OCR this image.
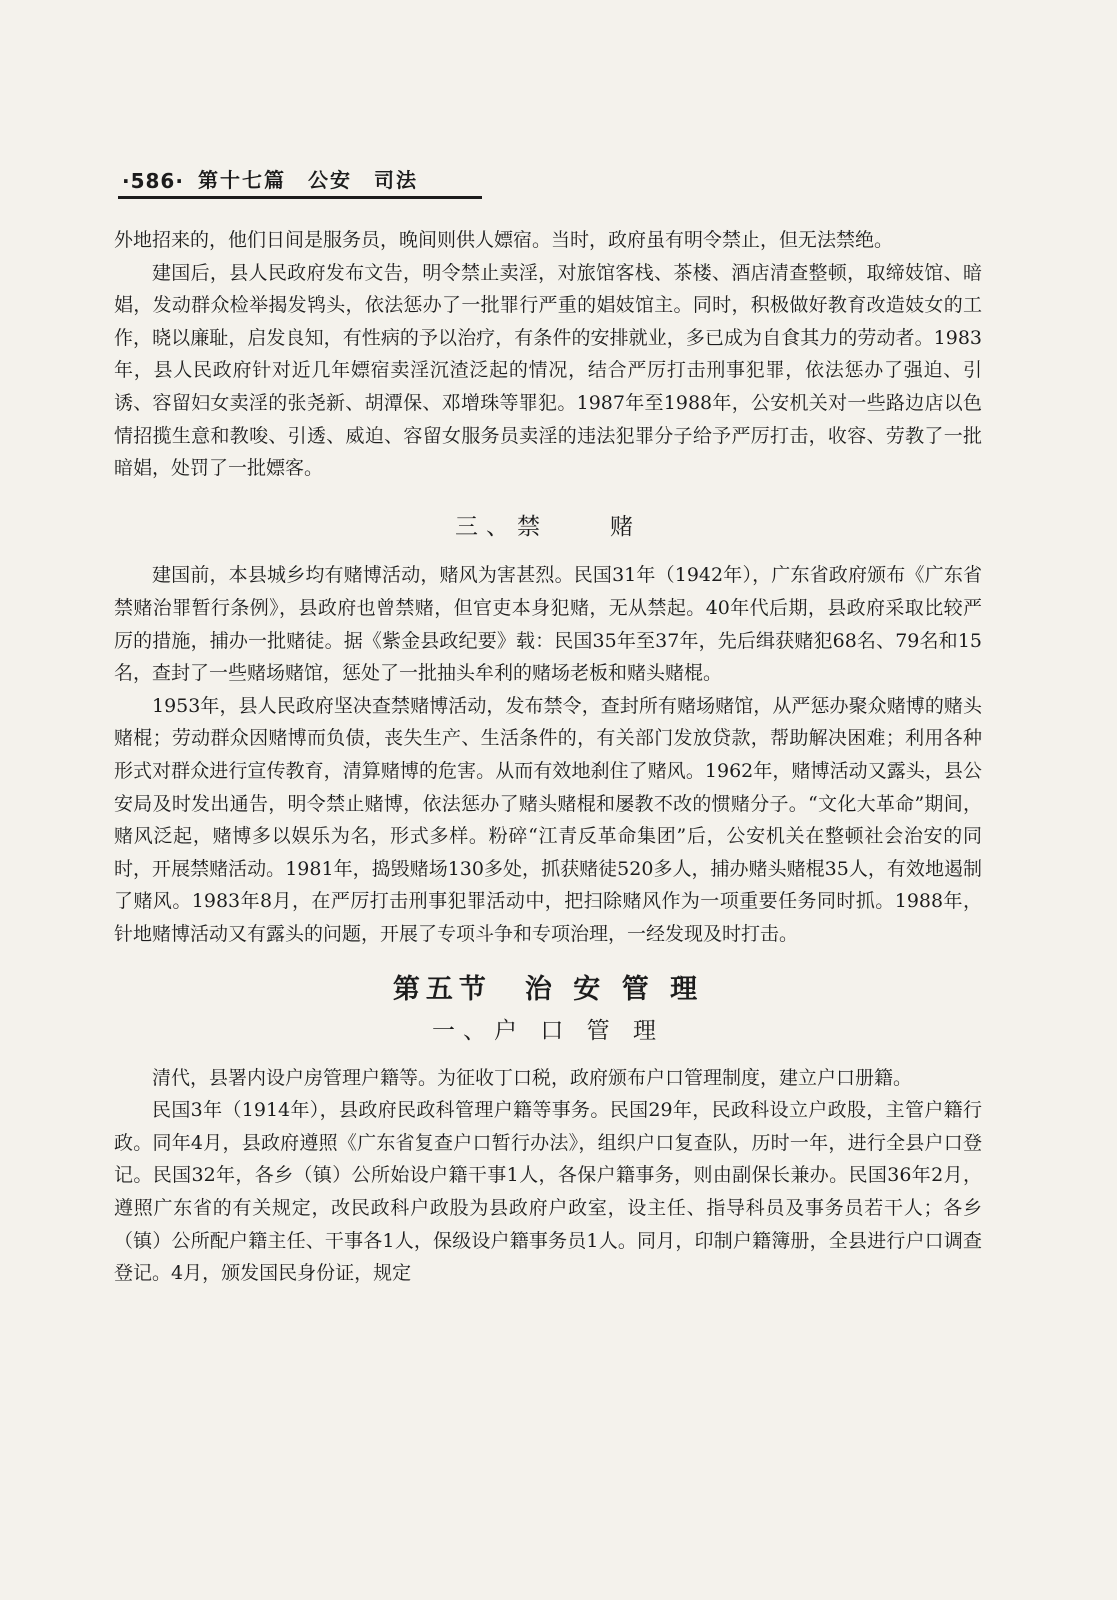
·586· 第十七篇　公安　司法

外地招来的，他们日间是服务员，晚间则供人嫖宿。当时，政府虽有明令禁止，但无法禁绝。

建国后，县人民政府发布文告，明令禁止卖淫，对旅馆客栈、茶楼、酒店清查整顿，取缔妓馆、暗娼，发动群众检举揭发鸨头，依法惩办了一批罪行严重的娼妓馆主。同时，积极做好教育改造妓女的工作，晓以廉耻，启发良知，有性病的予以治疗，有条件的安排就业，多已成为自食其力的劳动者。1983年，县人民政府针对近几年嫖宿卖淫沉渣泛起的情况，结合严厉打击刑事犯罪，依法惩办了强迫、引诱、容留妇女卖淫的张尧新、胡潭保、邓增珠等罪犯。1987年至1988年，公安机关对一些路边店以色情招揽生意和教唆、引透、威迫、容留女服务员卖淫的违法犯罪分子给予严厉打击，收容、劳教了一批暗娼，处罚了一批嫖客。

三、禁　　赌

建国前，本县城乡均有赌博活动，赌风为害甚烈。民国31年（1942年），广东省政府颁布《广东省禁赌治罪暂行条例》，县政府也曾禁赌，但官吏本身犯赌，无从禁起。40年代后期，县政府采取比较严厉的措施，捕办一批赌徒。据《紫金县政纪要》载：民国35年至37年，先后缉获赌犯68名、79名和15名，查封了一些赌场赌馆，惩处了一批抽头牟利的赌场老板和赌头赌棍。

1953年，县人民政府坚决查禁赌博活动，发布禁令，查封所有赌场赌馆，从严惩办聚众赌博的赌头赌棍；劳动群众因赌博而负债，丧失生产、生活条件的，有关部门发放贷款，帮助解决困难；利用各种形式对群众进行宣传教育，清算赌博的危害。从而有效地刹住了赌风。1962年，赌博活动又露头，县公安局及时发出通告，明令禁止赌博，依法惩办了赌头赌棍和屡教不改的惯赌分子。“文化大革命”期间，赌风泛起，赌博多以娱乐为名，形式多样。粉碎“江青反革命集团”后，公安机关在整顿社会治安的同时，开展禁赌活动。1981年，捣毁赌场130多处，抓获赌徒520多人，捕办赌头赌棍35人，有效地遏制了赌风。1983年8月，在严厉打击刑事犯罪活动中，把扫除赌风作为一项重要任务同时抓。1988年，针地赌博活动又有露头的问题，开展了专项斗争和专项治理，一经发现及时打击。

第五节　治 安 管 理
一、户 口 管 理

清代，县署内设户房管理户籍等。为征收丁口税，政府颁布户口管理制度，建立户口册籍。

民国3年（1914年），县政府民政科管理户籍等事务。民国29年，民政科设立户政股，主管户籍行政。同年4月，县政府遵照《广东省复查户口暂行办法》，组织户口复查队，历时一年，进行全县户口登记。民国32年，各乡（镇）公所始设户籍干事1人，各保户籍事务，则由副保长兼办。民国36年2月，遵照广东省的有关规定，改民政科户政股为县政府户政室，设主任、指导科员及事务员若干人；各乡（镇）公所配户籍主任、干事各1人，保级设户籍事务员1人。同月，印制户籍簿册，全县进行户口调查登记。4月，颁发国民身份证，规定
